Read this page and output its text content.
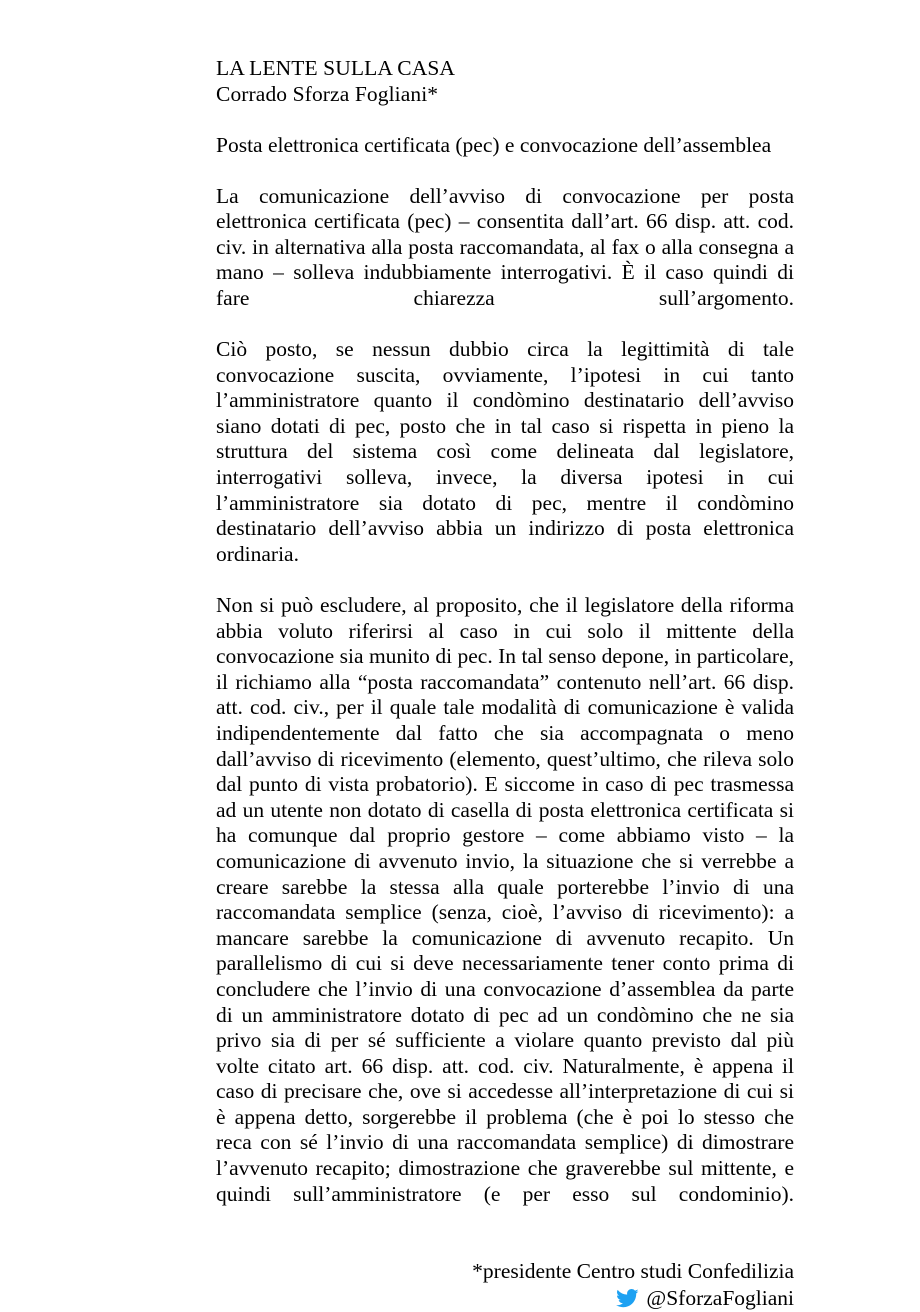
LA LENTE SULLA CASA
Corrado Sforza Fogliani*
Posta elettronica certificata (pec) e convocazione dell’assemblea

La comunicazione dell’avviso di convocazione per posta elettronica certificata (pec) – consentita dall’art. 66 disp. att. cod. civ. in alternativa alla posta raccomandata, al fax o alla consegna a mano – solleva indubbiamente interrogativi. È il caso quindi di fare chiarezza sull’argomento.

Ciò posto, se nessun dubbio circa la legittimità di tale convocazione suscita, ovviamente, l’ipotesi in cui tanto l’amministratore quanto il condòmino destinatario dell’avviso siano dotati di pec, posto che in tal caso si rispetta in pieno la struttura del sistema così come delineata dal legislatore, interrogativi solleva, invece, la diversa ipotesi in cui l’amministratore sia dotato di pec, mentre il condòmino destinatario dell’avviso abbia un indirizzo di posta elettronica ordinaria.

Non si può escludere, al proposito, che il legislatore della riforma abbia voluto riferirsi al caso in cui solo il mittente della convocazione sia munito di pec. In tal senso depone, in particolare, il richiamo alla “posta raccomandata” contenuto nell’art. 66 disp. att. cod. civ., per il quale tale modalità di comunicazione è valida indipendentemente dal fatto che sia accompagnata o meno dall’avviso di ricevimento (elemento, quest’ultimo, che rileva solo dal punto di vista probatorio). E siccome in caso di pec trasmessa ad un utente non dotato di casella di posta elettronica certificata si ha comunque dal proprio gestore – come abbiamo visto – la comunicazione di avvenuto invio, la situazione che si verrebbe a creare sarebbe la stessa alla quale porterebbe l’invio di una raccomandata semplice (senza, cioè, l’avviso di ricevimento): a mancare sarebbe la comunicazione di avvenuto recapito. Un parallelismo di cui si deve necessariamente tener conto prima di concludere che l’invio di una convocazione d’assemblea da parte di un amministratore dotato di pec ad un condòmino che ne sia privo sia di per sé sufficiente a violare quanto previsto dal più volte citato art. 66 disp. att. cod. civ. Naturalmente, è appena il caso di precisare che, ove si accedesse all’interpretazione di cui si è appena detto, sorgerebbe il problema (che è poi lo stesso che reca con sé l’invio di una raccomandata semplice) di dimostrare l’avvenuto recapito; dimostrazione che graverebbe sul mittente, e quindi sull’amministratore (e per esso sul condominio).

*presidente Centro studi Confedilizia
@SforzaFogliani
